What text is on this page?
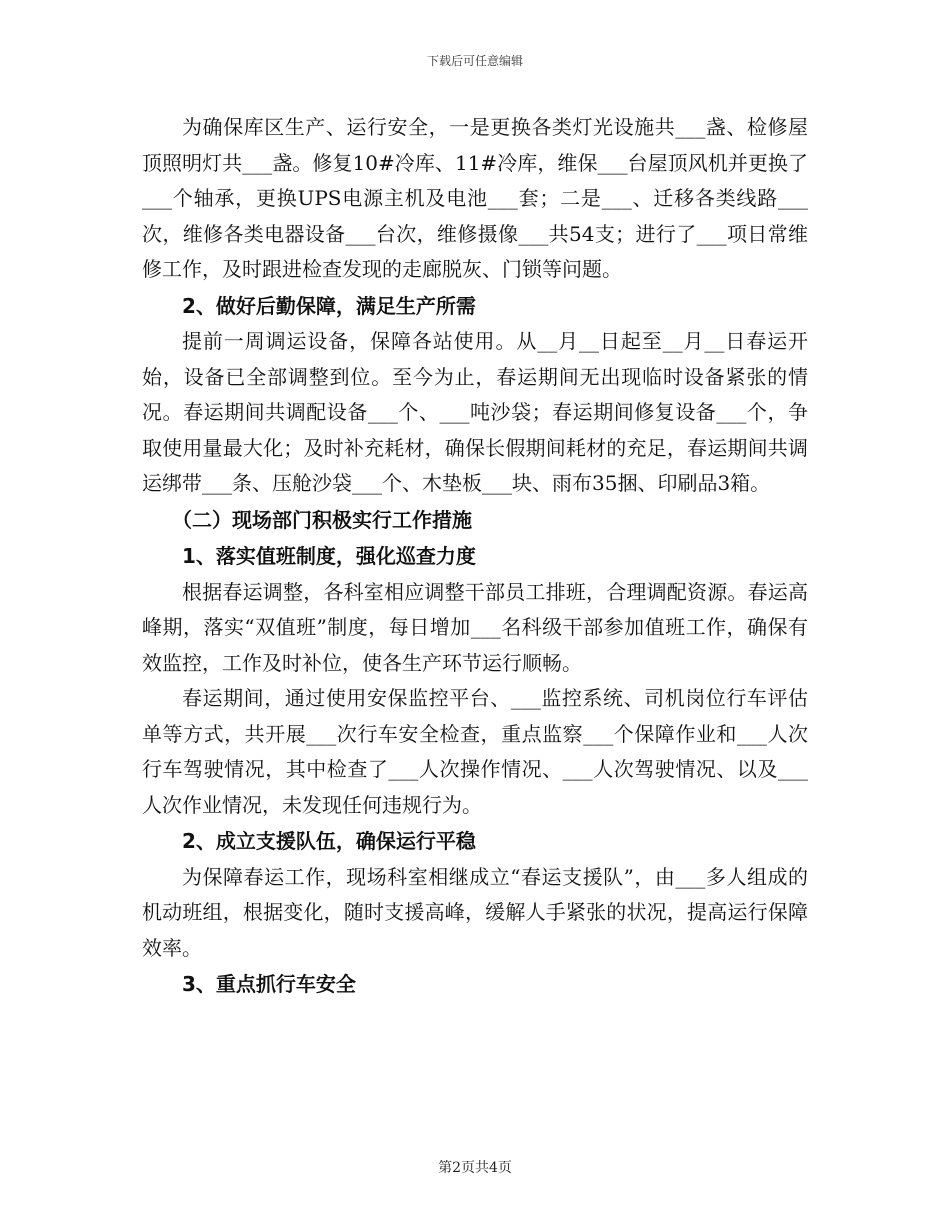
下载后可任意编辑

为确保库区生产、运行安全，一是更换各类灯光设施共___盏、检修屋顶照明灯共___盏。修复10#冷库、11#冷库，维保___台屋顶风机并更换了___个轴承，更换UPS电源主机及电池___套；二是___、迁移各类线路___次，维修各类电器设备___台次，维修摄像___共54支；进行了___项日常维修工作，及时跟进检查发现的走廊脱灰、门锁等问题。

2、做好后勤保障，满足生产所需

提前一周调运设备，保障各站使用。从__月__日起至__月__日春运开始，设备已全部调整到位。至今为止，春运期间无出现临时设备紧张的情况。春运期间共调配设备___个、___吨沙袋；春运期间修复设备___个，争取使用量最大化；及时补充耗材，确保长假期间耗材的充足，春运期间共调运绑带___条、压舱沙袋___个、木垫板___块、雨布35捆、印刷品3箱。

（二）现场部门积极实行工作措施

1、落实值班制度，强化巡查力度

根据春运调整，各科室相应调整干部员工排班，合理调配资源。春运高峰期，落实“双值班”制度，每日增加___名科级干部参加值班工作，确保有效监控，工作及时补位，使各生产环节运行顺畅。

春运期间，通过使用安保监控平台、___监控系统、司机岗位行车评估单等方式，共开展___次行车安全检查，重点监察___个保障作业和___人次行车驾驶情况，其中检查了___人次操作情况、___人次驾驶情况、以及___人次作业情况，未发现任何违规行为。

2、成立支援队伍，确保运行平稳

为保障春运工作，现场科室相继成立“春运支援队”，由___多人组成的机动班组，根据变化，随时支援高峰，缓解人手紧张的状况，提高运行保障效率。

3、重点抓行车安全

第2页共4页
